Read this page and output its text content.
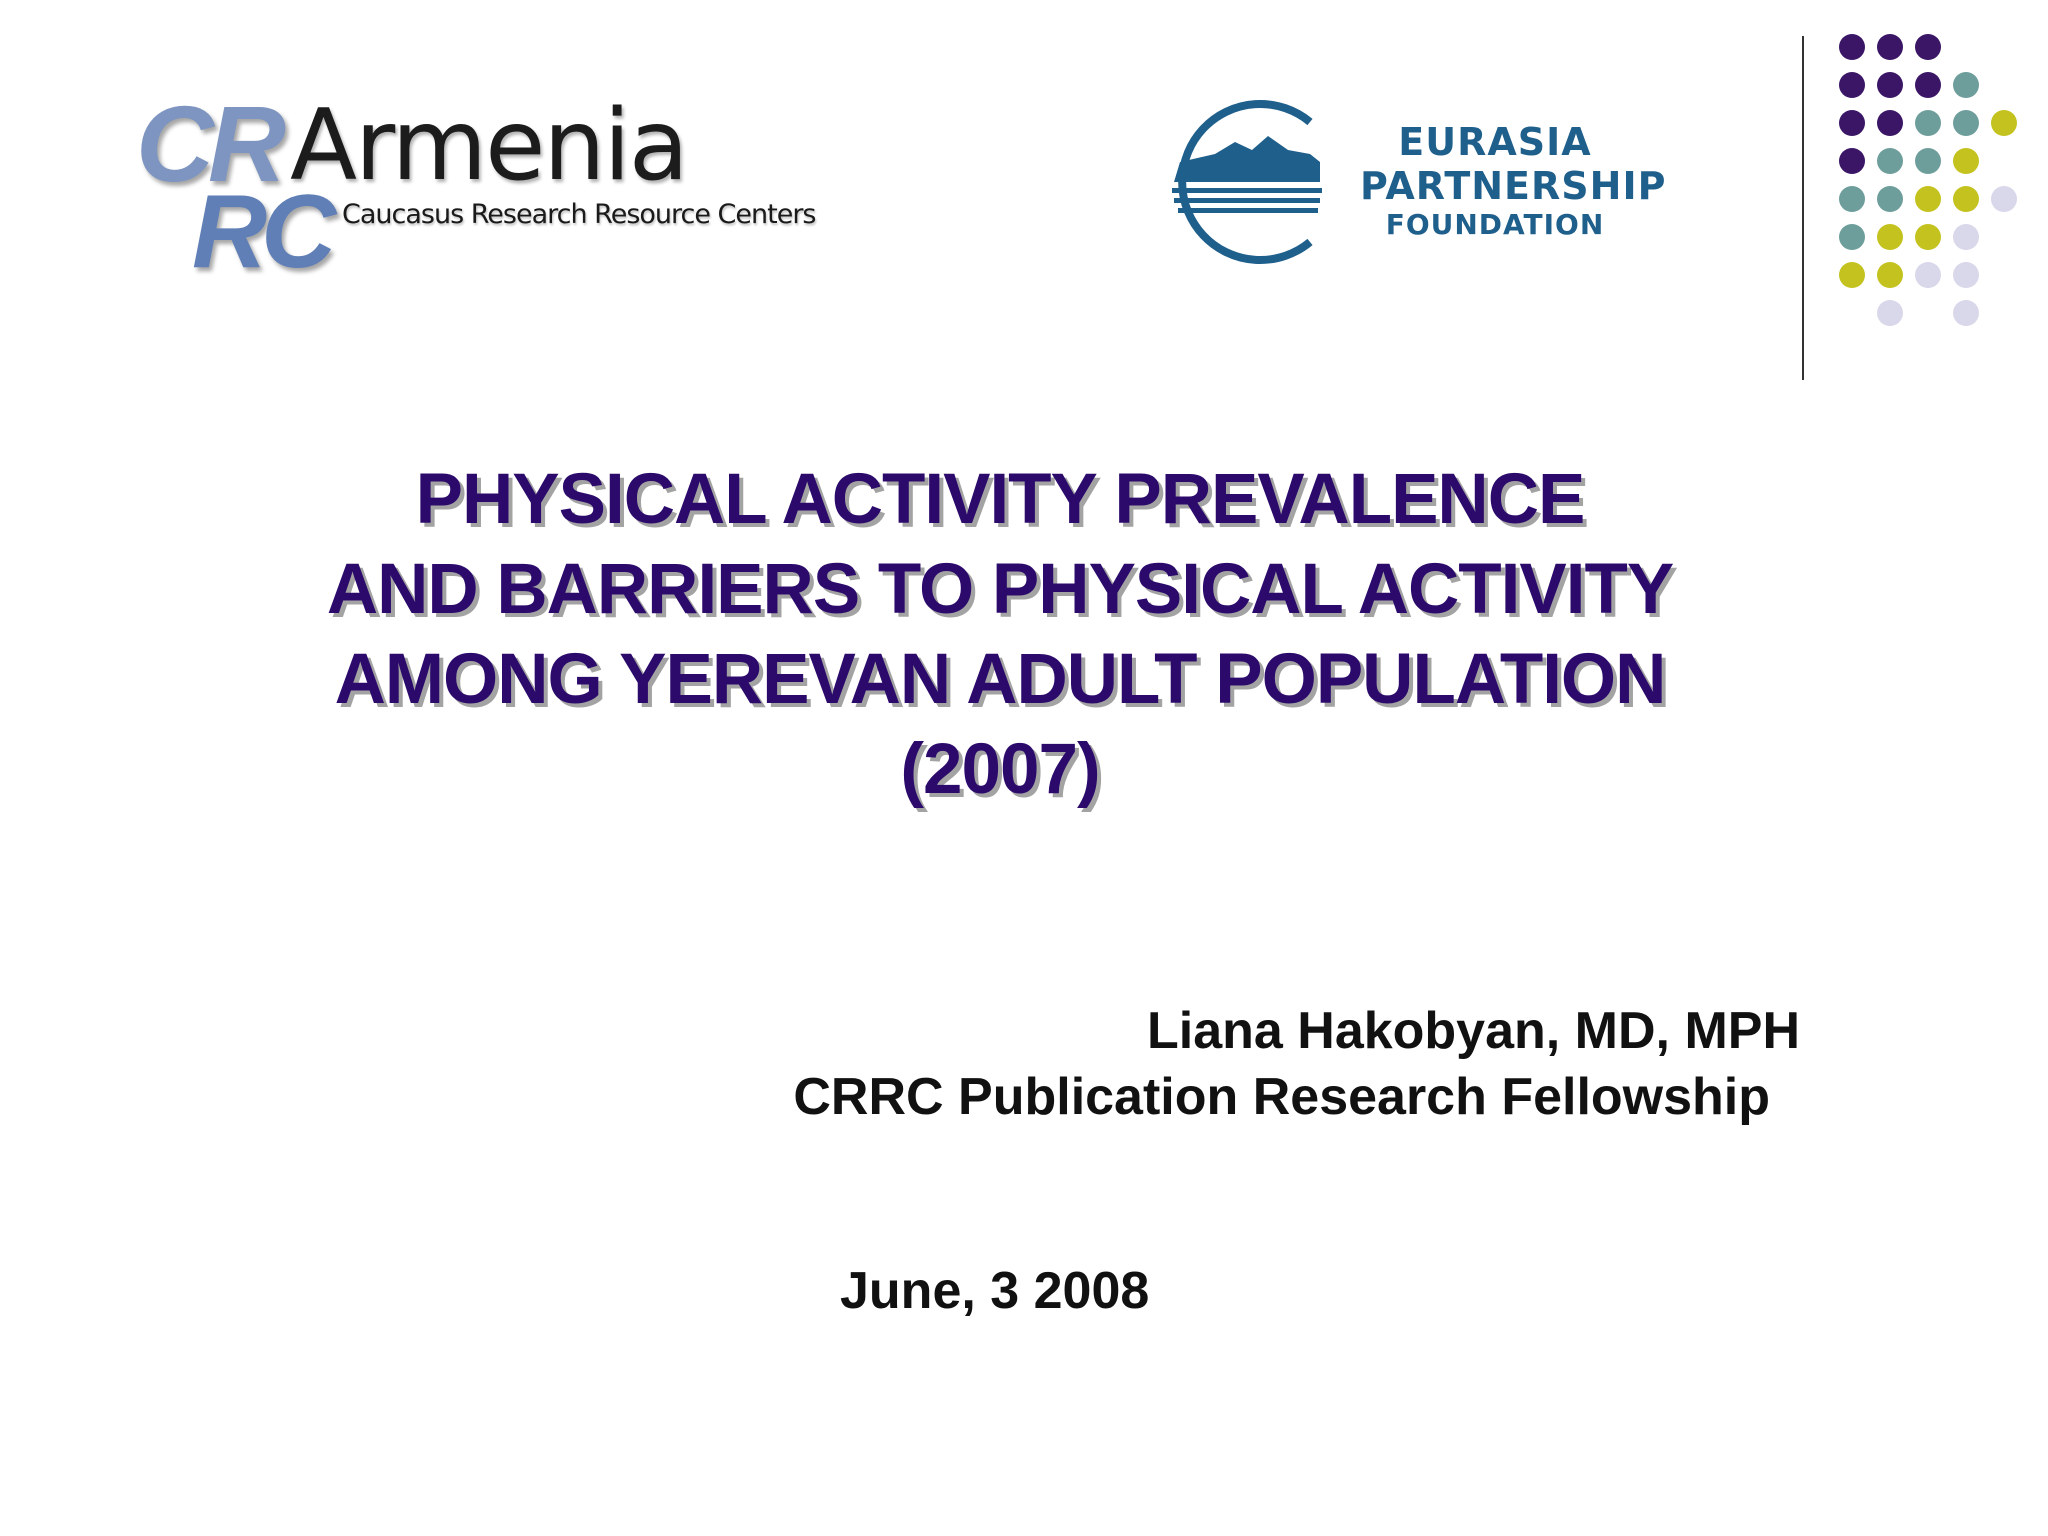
CR Armenia
RC Caucasus Research Resource Centers
EURASIA
PARTNERSHIP
FOUNDATION
PHYSICAL ACTIVITY PREVALENCE
AND BARRIERS TO PHYSICAL ACTIVITY
AMONG YEREVAN ADULT POPULATION
(2007)
Liana Hakobyan, MD, MPH
CRRC Publication Research Fellowship
June, 3 2008
